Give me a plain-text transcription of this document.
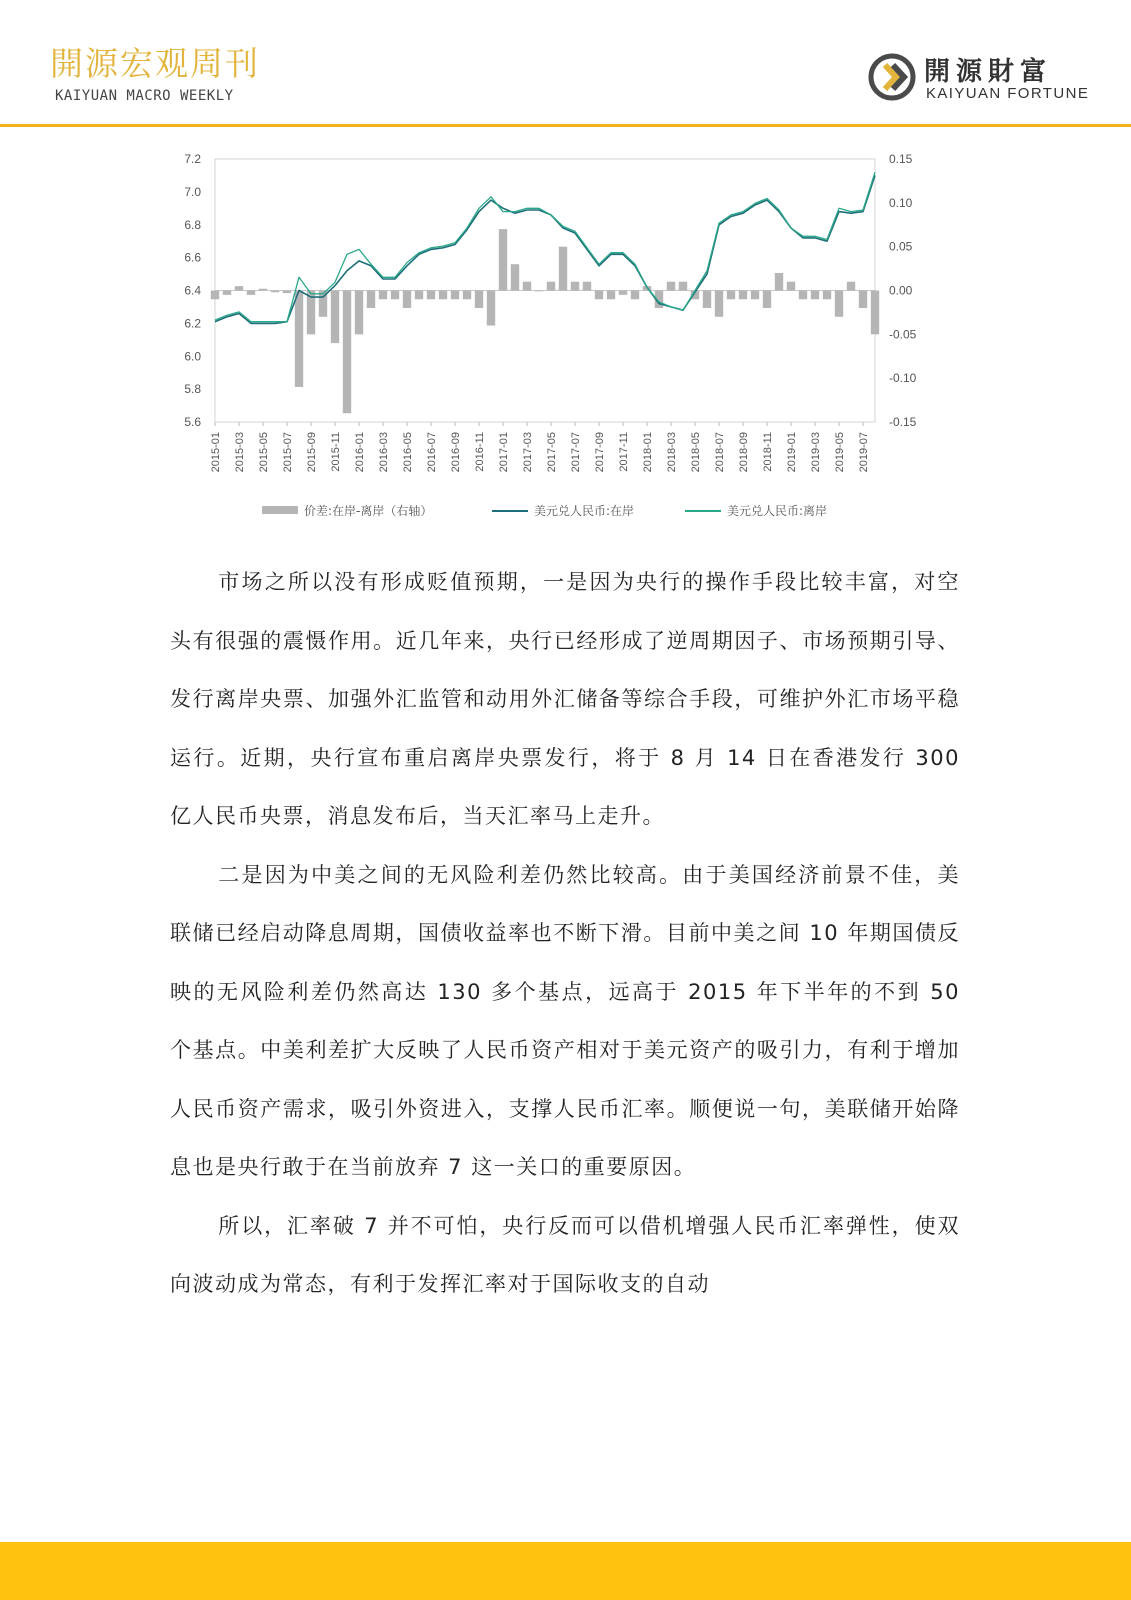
開源宏观周刊
KAIYUAN MACRO WEEKLY
開源財富
KAIYUAN FORTUNE
7.2
7.0
6.8
6.6
6.4
6.2
6.0
5.8
5.6
0.15
0.10
0.05
0.00
-0.05
-0.10
-0.15
2015-01 2015-03 2015-05 2015-07 2015-09 2015-11 2016-01 2016-03 2016-05 2016-07 2016-09 2016-11 2017-01 2017-03 2017-05 2017-07 2017-09 2017-11 2018-01 2018-03 2018-05 2018-07 2018-09 2018-11 2019-01 2019-03 2019-05 2019-07
价差:在岸-离岸（右轴）	美元兑人民币:在岸	美元兑人民币:离岸

市场之所以没有形成贬值预期，一是因为央行的操作手段比较丰富，对空头有很强的震慑作用。近几年来，央行已经形成了逆周期因子、市场预期引导、发行离岸央票、加强外汇监管和动用外汇储备等综合手段，可维护外汇市场平稳运行。近期，央行宣布重启离岸央票发行，将于 8 月 14 日在香港发行 300 亿人民币央票，消息发布后，当天汇率马上走升。

二是因为中美之间的无风险利差仍然比较高。由于美国经济前景不佳，美联储已经启动降息周期，国债收益率也不断下滑。目前中美之间 10 年期国债反映的无风险利差仍然高达 130 多个基点，远高于 2015 年下半年的不到 50 个基点。中美利差扩大反映了人民币资产相对于美元资产的吸引力，有利于增加人民币资产需求，吸引外资进入，支撑人民币汇率。顺便说一句，美联储开始降息也是央行敢于在当前放弃 7 这一关口的重要原因。

所以，汇率破 7 并不可怕，央行反而可以借机增强人民币汇率弹性，使双向波动成为常态，有利于发挥汇率对于国际收支的自动
